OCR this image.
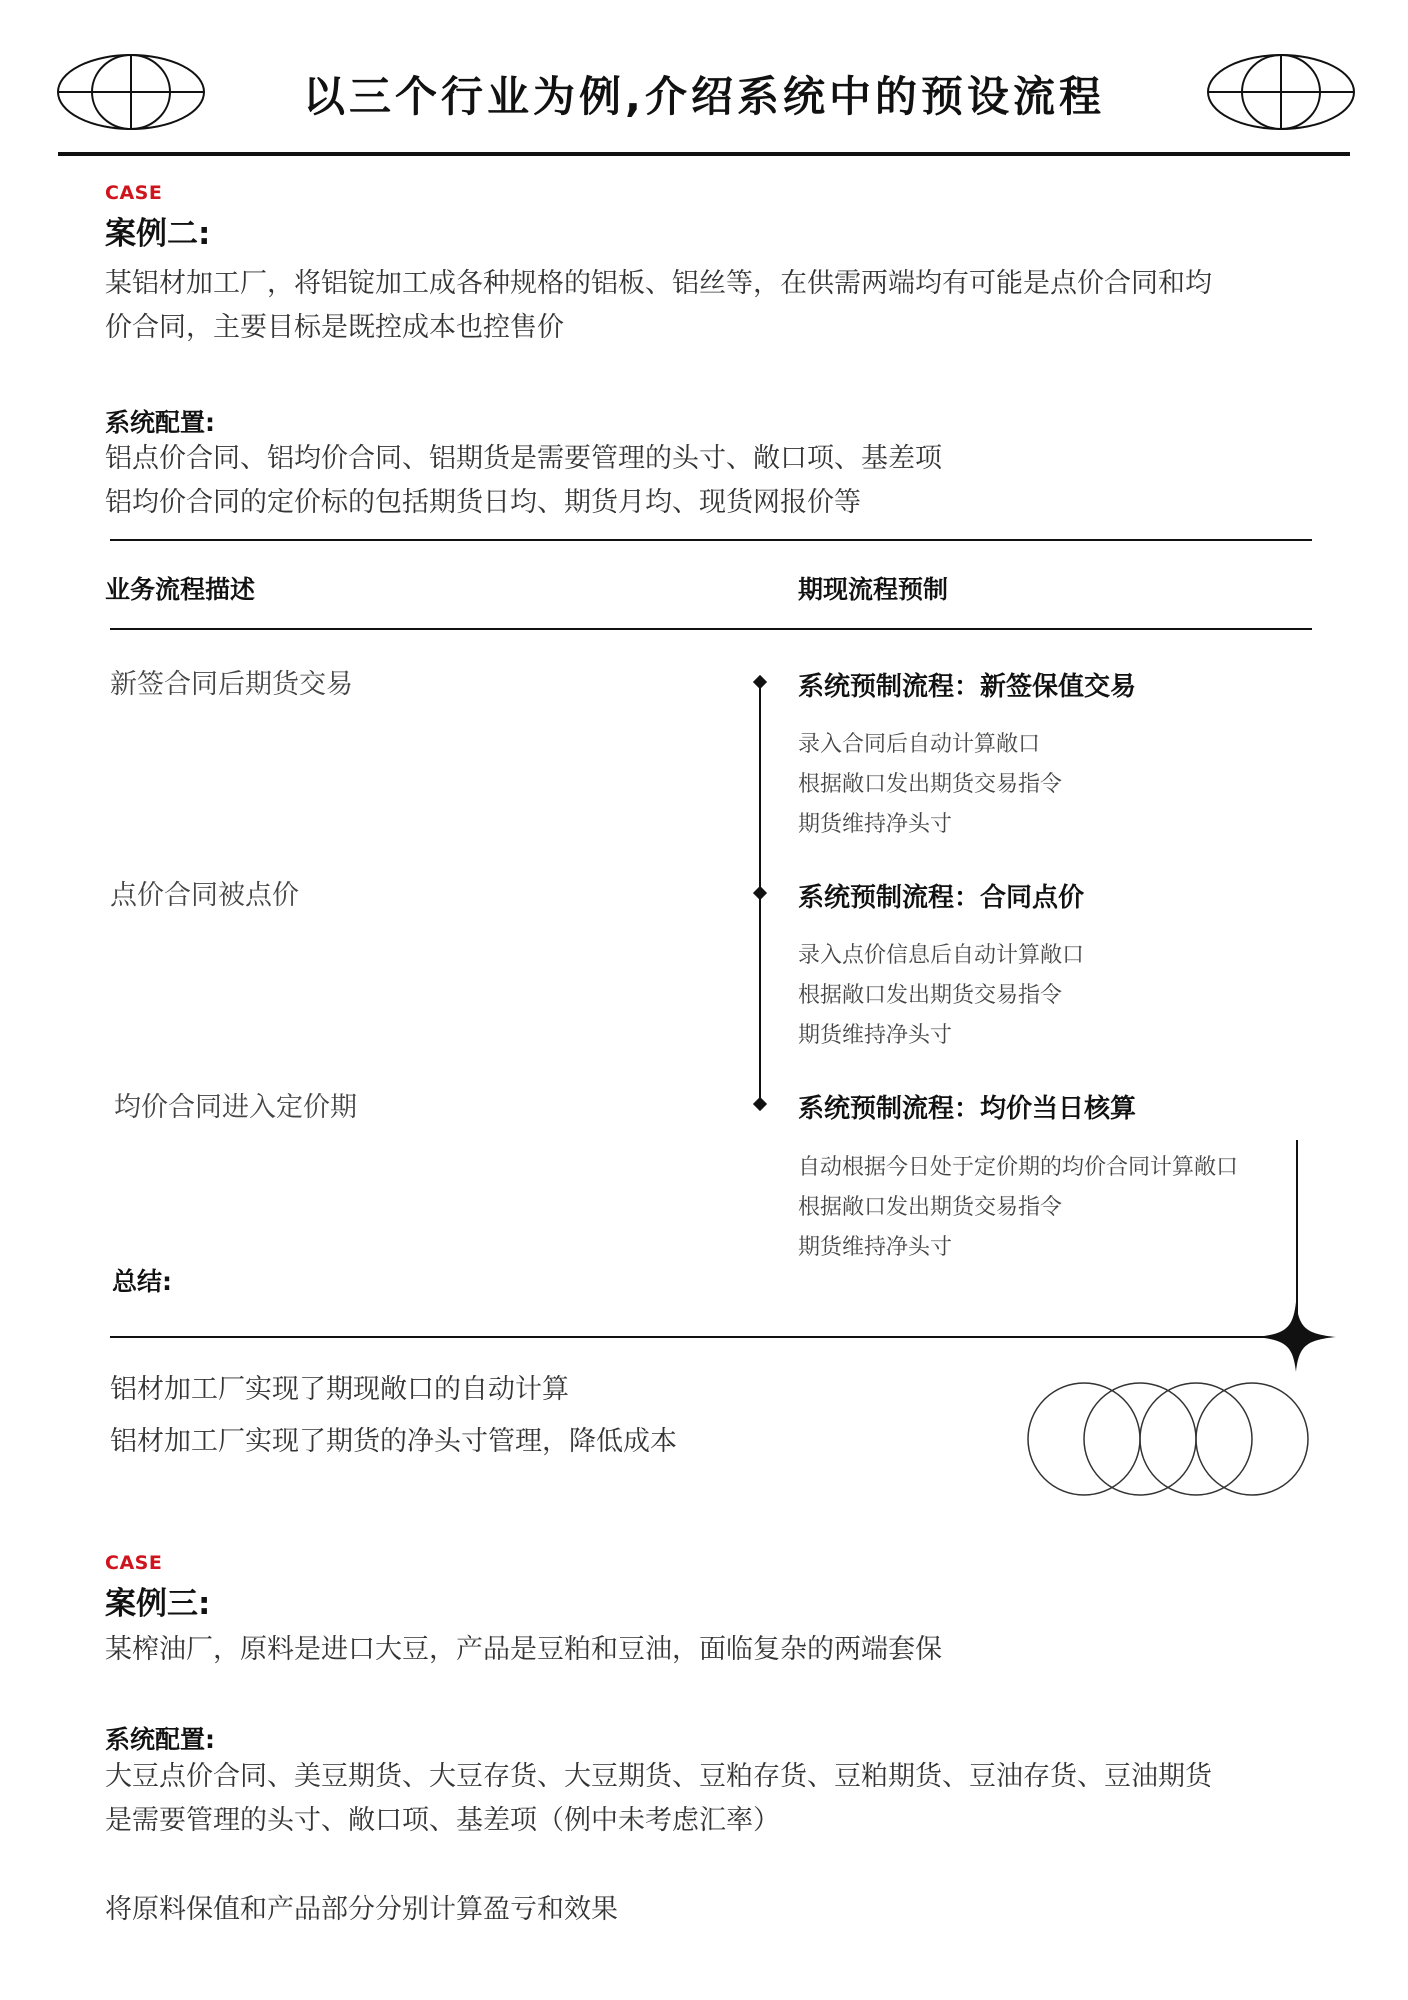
以三个行业为例,介绍系统中的预设流程
CASE
案例二:
某铝材加工厂，将铝锭加工成各种规格的铝板、铝丝等，在供需两端均有可能是点价合同和均
价合同，主要目标是既控成本也控售价
系统配置:
铝点价合同、铝均价合同、铝期货是需要管理的头寸、敞口项、基差项
铝均价合同的定价标的包括期货日均、期货月均、现货网报价等
业务流程描述	期现流程预制
新签合同后期货交易	系统预制流程：新签保值交易
录入合同后自动计算敞口
根据敞口发出期货交易指令
期货维持净头寸
点价合同被点价	系统预制流程：合同点价
录入点价信息后自动计算敞口
根据敞口发出期货交易指令
期货维持净头寸
均价合同进入定价期	系统预制流程：均价当日核算
自动根据今日处于定价期的均价合同计算敞口
根据敞口发出期货交易指令
期货维持净头寸
总结:
铝材加工厂实现了期现敞口的自动计算
铝材加工厂实现了期货的净头寸管理，降低成本
CASE
案例三:
某榨油厂，原料是进口大豆，产品是豆粕和豆油，面临复杂的两端套保
系统配置:
大豆点价合同、美豆期货、大豆存货、大豆期货、豆粕存货、豆粕期货、豆油存货、豆油期货
是需要管理的头寸、敞口项、基差项（例中未考虑汇率）
将原料保值和产品部分分别计算盈亏和效果
